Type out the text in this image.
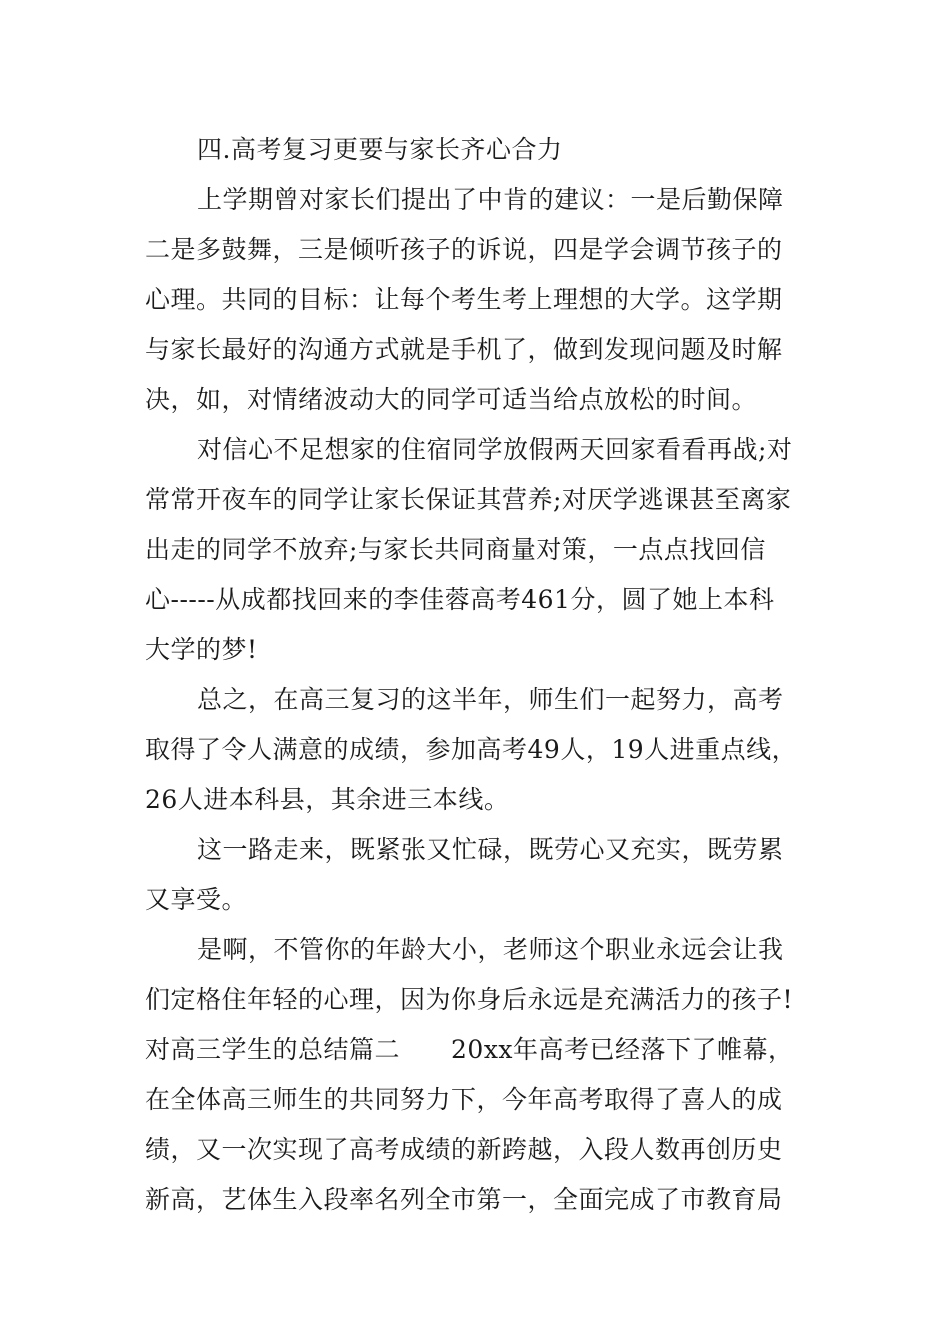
四.高考复习更要与家长齐心合力
上学期曾对家长们提出了中肯的建议：一是后勤保障
二是多鼓舞，三是倾听孩子的诉说，四是学会调节孩子的
心理。共同的目标：让每个考生考上理想的大学。这学期
与家长最好的沟通方式就是手机了，做到发现问题及时解
决，如，对情绪波动大的同学可适当给点放松的时间。
对信心不足想家的住宿同学放假两天回家看看再战;对
常常开夜车的同学让家长保证其营养;对厌学逃课甚至离家
出走的同学不放弃;与家长共同商量对策，一点点找回信
心-----从成都找回来的李佳蓉高考461分，圆了她上本科
大学的梦!
总之，在高三复习的这半年，师生们一起努力，高考
取得了令人满意的成绩，参加高考49人，19人进重点线，
26人进本科县，其余进三本线。
这一路走来，既紧张又忙碌，既劳心又充实，既劳累
又享受。
是啊，不管你的年龄大小，老师这个职业永远会让我
们定格住年轻的心理，因为你身后永远是充满活力的孩子!
对高三学生的总结篇二　　20xx年高考已经落下了帷幕，
在全体高三师生的共同努力下，今年高考取得了喜人的成
绩，又一次实现了高考成绩的新跨越，入段人数再创历史
新高，艺体生入段率名列全市第一，全面完成了市教育局
